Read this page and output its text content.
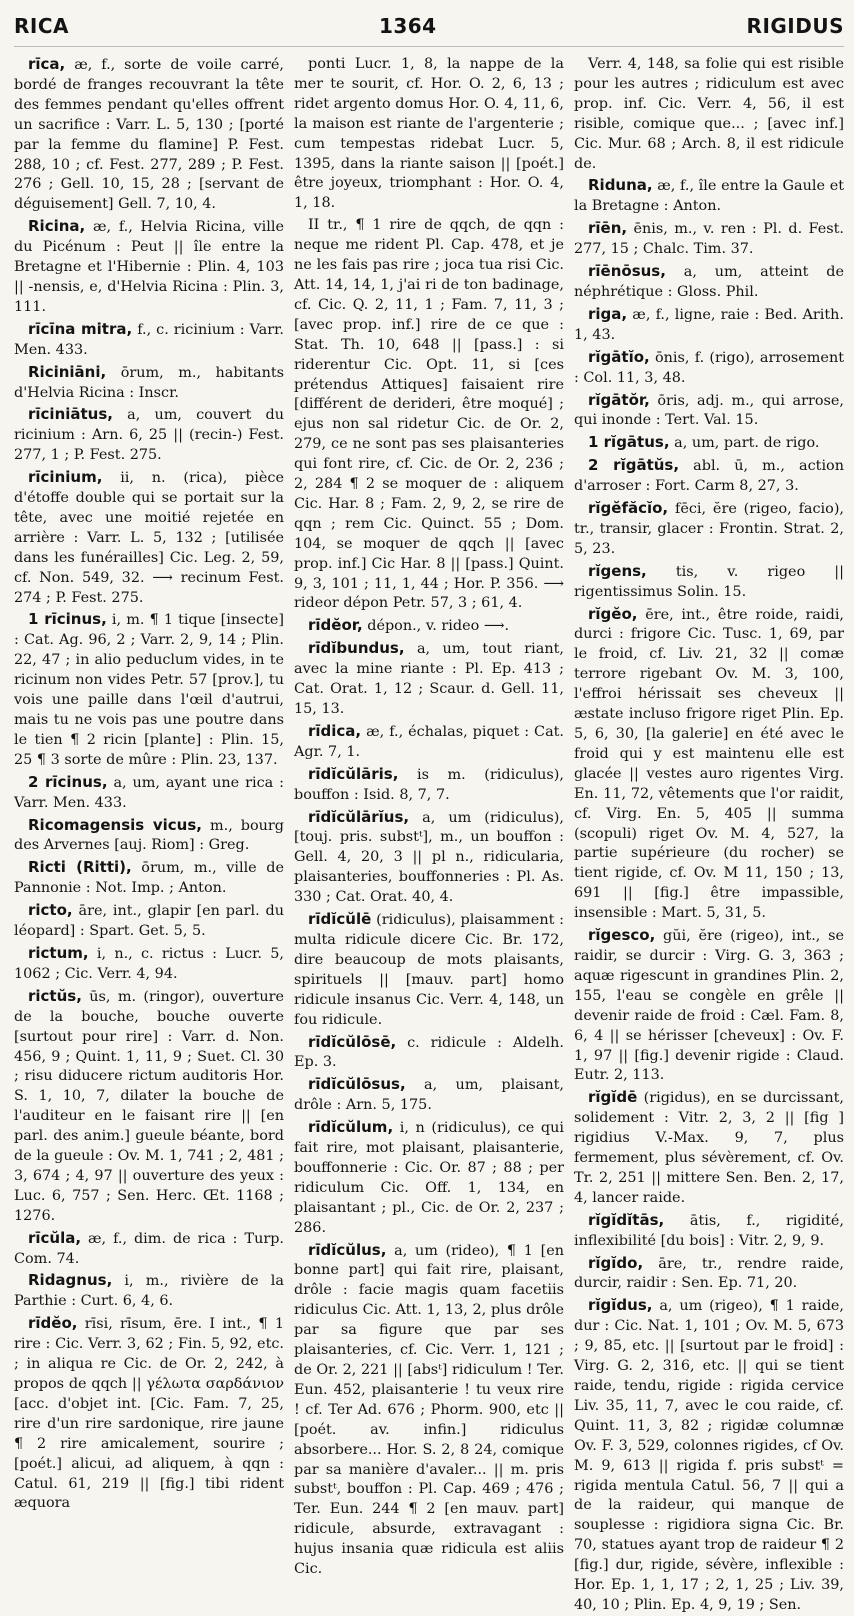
RICA	1364	RIGIDUS

rīca, æ, f., sorte de voile carré, bordé de franges recouvrant la tête des femmes pendant qu'elles offrent un sacrifice : Varr. L. 5, 130 ; [porté par la femme du flamine] P. Fest. 288, 10 ; cf. Fest. 277, 289 ; P. Fest. 276 ; Gell. 10, 15, 28 ; [servant de déguisement] Gell. 7, 10, 4.

Ricina, æ, f., Helvia Ricina, ville du Picénum : Peut || île entre la Bretagne et l'Hibernie : Plin. 4, 103 || -nensis, e, d'Helvia Ricina : Plin. 3, 111.

rīcīna mitra, f., c. ricinium : Varr. Men. 433.

Riciniāni, ōrum, m., habitants d'Helvia Ricina : Inscr.

rīciniātus, a, um, couvert du ricinium : Arn. 6, 25 || (recin-) Fest. 277, 1 ; P. Fest. 275.

rīcinium, ii, n. (rica), pièce d'étoffe double qui se portait sur la tête, avec une moitié rejetée en arrière : Varr. L. 5, 132 ; [utilisée dans les funérailles] Cic. Leg. 2, 59, cf. Non. 549, 32. ⟶ recinum Fest. 274 ; P. Fest. 275.

1 rīcinus, i, m. ¶ 1 tique [insecte] : Cat. Ag. 96, 2 ; Varr. 2, 9, 14 ; Plin. 22, 47 ; in alio peduclum vides, in te ricinum non vides Petr. 57 [prov.], tu vois une paille dans l'œil d'autrui, mais tu ne vois pas une poutre dans le tien ¶ 2 ricin [plante] : Plin. 15, 25 ¶ 3 sorte de mûre : Plin. 23, 137.

2 rīcinus, a, um, ayant une rica : Varr. Men. 433.

Ricomagensis vicus, m., bourg des Arvernes [auj. Riom] : Greg.

Ricti (Ritti), ōrum, m., ville de Pannonie : Not. Imp. ; Anton.

ricto, āre, int., glapir [en parl. du léopard] : Spart. Get. 5, 5.

rictum, i, n., c. rictus : Lucr. 5, 1062 ; Cic. Verr. 4, 94.

rictŭs, ūs, m. (ringor), ouverture de la bouche, bouche ouverte [surtout pour rire] : Varr. d. Non. 456, 9 ; Quint. 1, 11, 9 ; Suet. Cl. 30 ; risu diducere rictum auditoris Hor. S. 1, 10, 7, dilater la bouche de l'auditeur en le faisant rire || [en parl. des anim.] gueule béante, bord de la gueule : Ov. M. 1, 741 ; 2, 481 ; 3, 674 ; 4, 97 || ouverture des yeux : Luc. 6, 757 ; Sen. Herc. Œt. 1168 ; 1276.

rīcŭla, æ, f., dim. de rica : Turp. Com. 74.

Ridagnus, i, m., rivière de la Parthie : Curt. 6, 4, 6.

rīdĕo, rīsi, rīsum, ēre. I int., ¶ 1 rire : Cic. Verr. 3, 62 ; Fin. 5, 92, etc. ; in aliqua re Cic. de Or. 2, 242, à propos de qqch || γέλωτα σαρδάνιον [acc. d'objet int. [Cic. Fam. 7, 25, rire d'un rire sardonique, rire jaune ¶ 2 rire amicalement, sourire ; [poét.] alicui, ad aliquem, à qqn : Catul. 61, 219 || [fig.] tibi rident æquora

ponti Lucr. 1, 8, la nappe de la mer te sourit, cf. Hor. O. 2, 6, 13 ; ridet argento domus Hor. O. 4, 11, 6, la maison est riante de l'argenterie ; cum tempestas ridebat Lucr. 5, 1395, dans la riante saison || [poét.] être joyeux, triomphant : Hor. O. 4, 1, 18.

II tr., ¶ 1 rire de qqch, de qqn : neque me rident Pl. Cap. 478, et je ne les fais pas rire ; joca tua risi Cic. Att. 14, 14, 1, j'ai ri de ton badinage, cf. Cic. Q. 2, 11, 1 ; Fam. 7, 11, 3 ; [avec prop. inf.] rire de ce que : Stat. Th. 10, 648 || [pass.] : si riderentur Cic. Opt. 11, si [ces prétendus Attiques] faisaient rire [différent de derideri, être moqué] ; ejus non sal ridetur Cic. de Or. 2, 279, ce ne sont pas ses plaisanteries qui font rire, cf. Cic. de Or. 2, 236 ; 2, 284 ¶ 2 se moquer de : aliquem Cic. Har. 8 ; Fam. 2, 9, 2, se rire de qqn ; rem Cic. Quinct. 55 ; Dom. 104, se moquer de qqch || [avec prop. inf.] Cic Har. 8 || [pass.] Quint. 9, 3, 101 ; 11, 1, 44 ; Hor. P. 356. ⟶ rideor dépon Petr. 57, 3 ; 61, 4.

rīdĕor, dépon., v. rideo ⟶.

rīdĭbundus, a, um, tout riant, avec la mine riante : Pl. Ep. 413 ; Cat. Orat. 1, 12 ; Scaur. d. Gell. 11, 15, 13.

rīdica, æ, f., échalas, piquet : Cat. Agr. 7, 1.

rīdĭcŭlāris, is m. (ridiculus), bouffon : Isid. 8, 7, 7.

rīdĭcŭlārĭus, a, um (ridiculus), [touj. pris. substᵗ], m., un bouffon : Gell. 4, 20, 3 || pl n., ridicularia, plaisanteries, bouffonneries : Pl. As. 330 ; Cat. Orat. 40, 4.

rīdĭcŭlē (ridiculus), plaisamment : multa ridicule dicere Cic. Br. 172, dire beaucoup de mots plaisants, spirituels || [mauv. part] homo ridicule insanus Cic. Verr. 4, 148, un fou ridicule.

rīdĭcŭlōsē, c. ridicule : Aldelh. Ep. 3.

rīdĭcŭlōsus, a, um, plaisant, drôle : Arn. 5, 175.

rīdĭcŭlum, i, n (ridiculus), ce qui fait rire, mot plaisant, plaisanterie, bouffonnerie : Cic. Or. 87 ; 88 ; per ridiculum Cic. Off. 1, 134, en plaisantant ; pl., Cic. de Or. 2, 237 ; 286.

rīdĭcŭlus, a, um (rideo), ¶ 1 [en bonne part] qui fait rire, plaisant, drôle : facie magis quam facetiis ridiculus Cic. Att. 1, 13, 2, plus drôle par sa figure que par ses plaisanteries, cf. Cic. Verr. 1, 121 ; de Or. 2, 221 || [absᵗ] ridiculum ! Ter. Eun. 452, plaisanterie ! tu veux rire ! cf. Ter Ad. 676 ; Phorm. 900, etc || [poét. av. infin.] ridiculus absorbere... Hor. S. 2, 8 24, comique par sa manière d'avaler... || m. pris substᵗ, bouffon : Pl. Cap. 469 ; 476 ; Ter. Eun. 244 ¶ 2 [en mauv. part] ridicule, absurde, extravagant : hujus insania quæ ridicula est aliis Cic.

Verr. 4, 148, sa folie qui est risible pour les autres ; ridiculum est avec prop. inf. Cic. Verr. 4, 56, il est risible, comique que... ; [avec inf.] Cic. Mur. 68 ; Arch. 8, il est ridicule de.

Riduna, æ, f., île entre la Gaule et la Bretagne : Anton.

rīēn, ēnis, m., v. ren : Pl. d. Fest. 277, 15 ; Chalc. Tim. 37.

rīēnōsus, a, um, atteint de néphrétique : Gloss. Phil.

riga, æ, f., ligne, raie : Bed. Arith. 1, 43.

rĭgātĭo, ōnis, f. (rigo), arrosement : Col. 11, 3, 48.

rĭgātŏr, ōris, adj. m., qui arrose, qui inonde : Tert. Val. 15.

1 rĭgātus, a, um, part. de rigo.

2 rĭgātŭs, abl. ū, m., action d'arroser : Fort. Carm 8, 27, 3.

rĭgĕfăcĭo, fēci, ĕre (rigeo, facio), tr., transir, glacer : Frontin. Strat. 2, 5, 23.

rĭgens, tis, v. rigeo || rigentissimus Solin. 15.

rĭgĕo, ēre, int., être roide, raidi, durci : frigore Cic. Tusc. 1, 69, par le froid, cf. Liv. 21, 32 || comæ terrore rigebant Ov. M. 3, 100, l'effroi hérissait ses cheveux || æstate incluso frigore riget Plin. Ep. 5, 6, 30, [la galerie] en été avec le froid qui y est maintenu elle est glacée || vestes auro rigentes Virg. En. 11, 72, vêtements que l'or raidit, cf. Virg. En. 5, 405 || summa (scopuli) riget Ov. M. 4, 527, la partie supérieure (du rocher) se tient rigide, cf. Ov. M 11, 150 ; 13, 691 || [fig.] être impassible, insensible : Mart. 5, 31, 5.

rĭgesco, gŭi, ĕre (rigeo), int., se raidir, se durcir : Virg. G. 3, 363 ; aquæ rigescunt in grandines Plin. 2, 155, l'eau se congèle en grêle || devenir raide de froid : Cæl. Fam. 8, 6, 4 || se hérisser [cheveux] : Ov. F. 1, 97 || [fig.] devenir rigide : Claud. Eutr. 2, 113.

rĭgĭdē (rigidus), en se durcissant, solidement : Vitr. 2, 3, 2 || [fig ] rigidius V.-Max. 9, 7, plus fermement, plus sévèrement, cf. Ov. Tr. 2, 251 || mittere Sen. Ben. 2, 17, 4, lancer raide.

rĭgĭdĭtās, ātis, f., rigidité, inflexibilité [du bois] : Vitr. 2, 9, 9.

rĭgĭdo, āre, tr., rendre raide, durcir, raidir : Sen. Ep. 71, 20.

rĭgĭdus, a, um (rigeo), ¶ 1 raide, dur : Cic. Nat. 1, 101 ; Ov. M. 5, 673 ; 9, 85, etc. || [surtout par le froid] : Virg. G. 2, 316, etc. || qui se tient raide, tendu, rigide : rigida cervice Liv. 35, 11, 7, avec le cou raide, cf. Quint. 11, 3, 82 ; rigidæ columnæ Ov. F. 3, 529, colonnes rigides, cf Ov. M. 9, 613 || rigida f. pris substᵗ = rigida mentula Catul. 56, 7 || qui a de la raideur, qui manque de souplesse : rigidiora signa Cic. Br. 70, statues ayant trop de raideur ¶ 2 [fig.] dur, rigide, sévère, inflexible : Hor. Ep. 1, 1, 17 ; 2, 1, 25 ; Liv. 39, 40, 10 ; Plin. Ep. 4, 9, 19 ; Sen.
